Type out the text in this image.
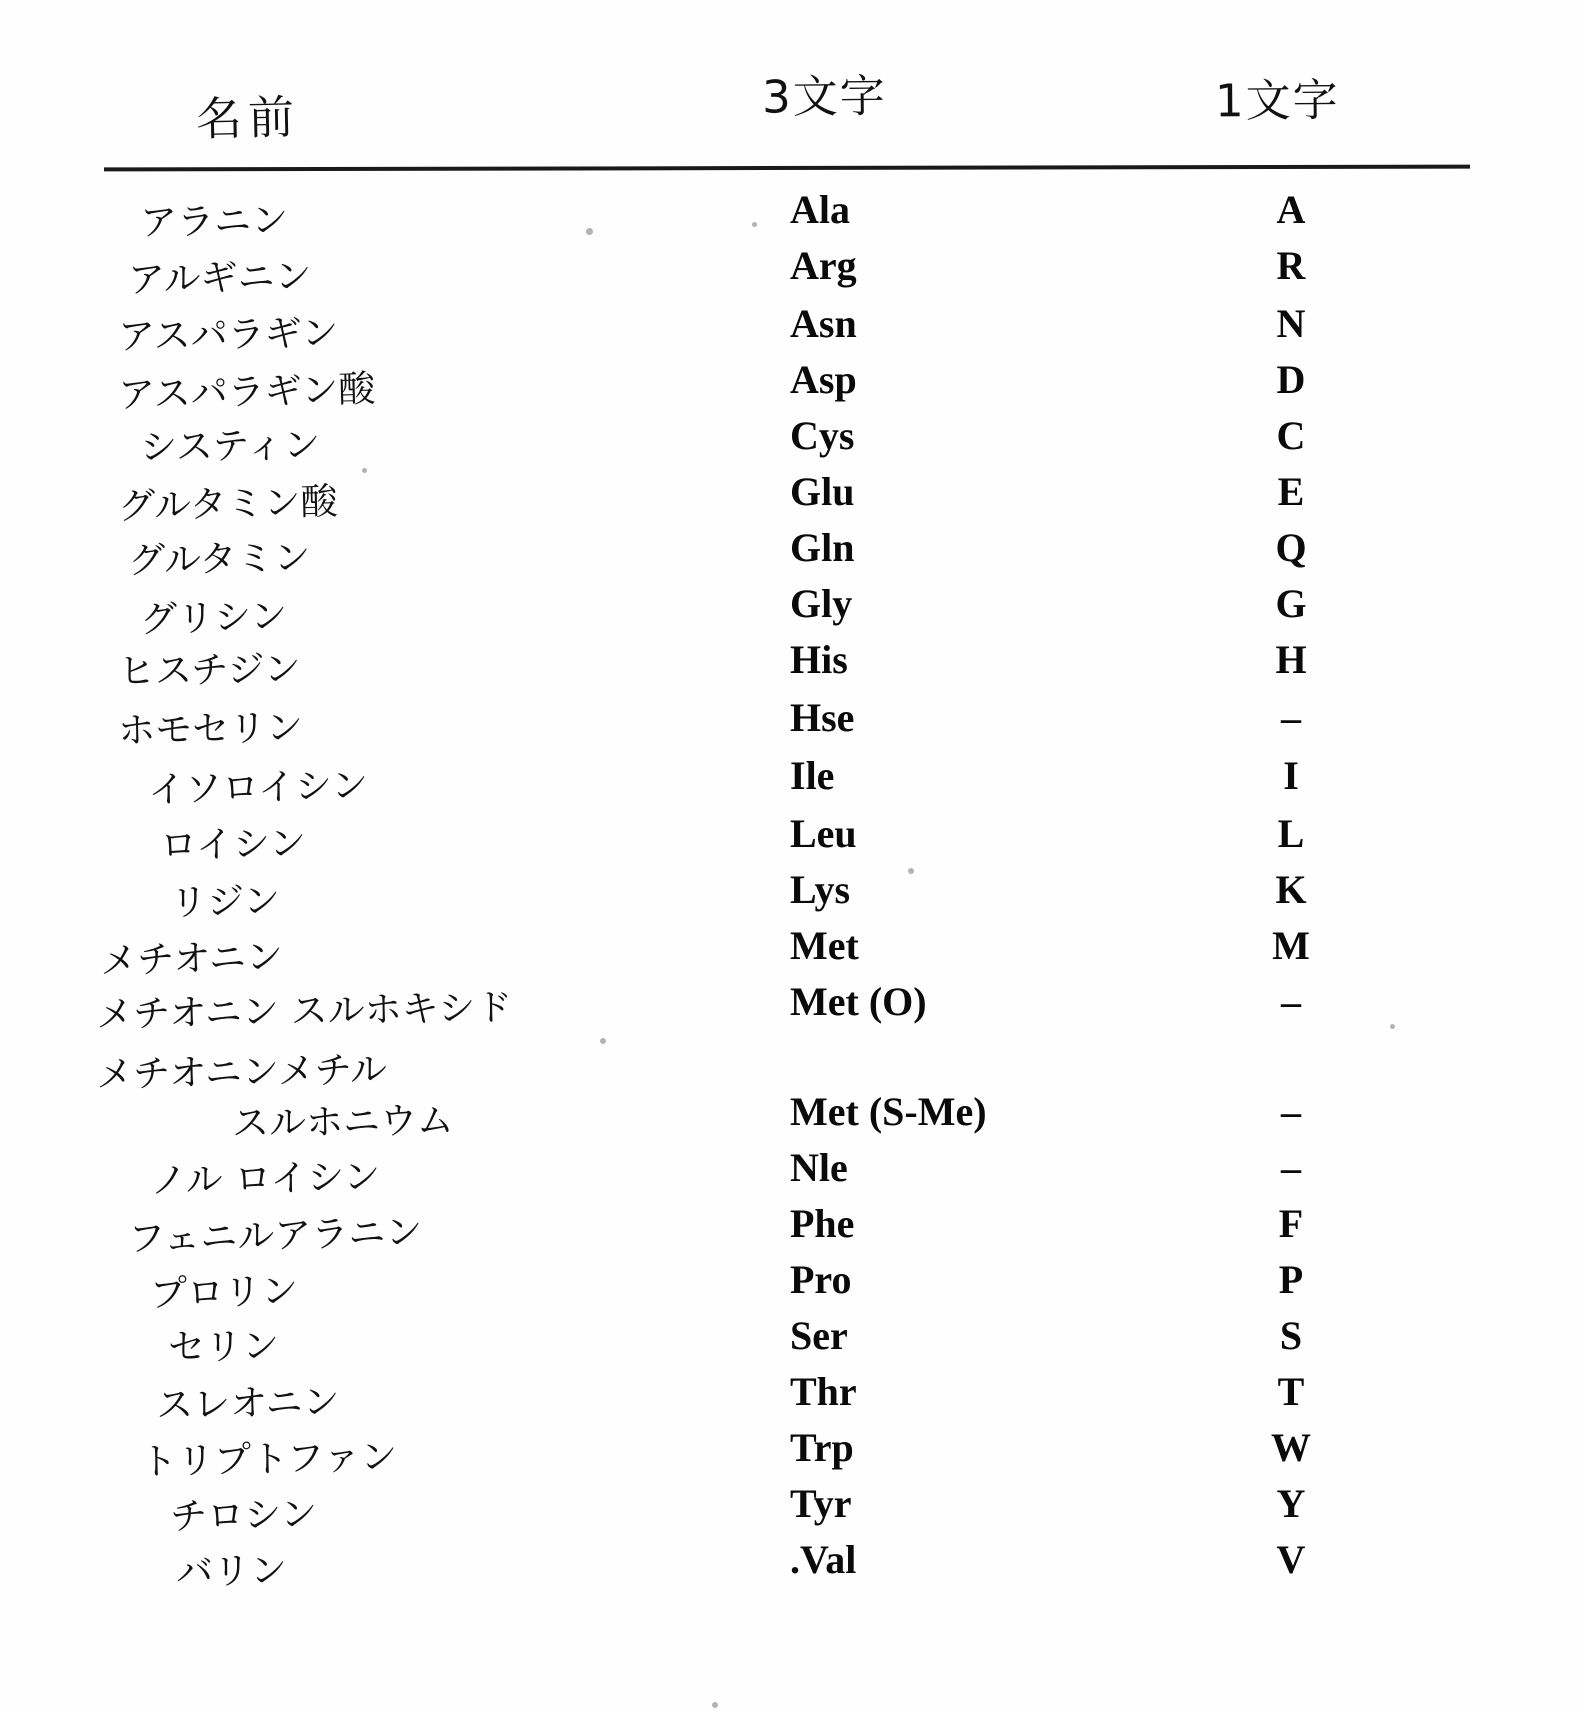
名前	3文字	1文字
アラニン	Ala	A
アルギニン	Arg	R
アスパラギン	Asn	N
アスパラギン酸	Asp	D
システィン	Cys	C
グルタミン酸	Glu	E
グルタミン	Gln	Q
グリシン	Gly	G
ヒスチジン	His	H
ホモセリン	Hse	–
イソロイシン	Ile	I
ロイシン	Leu	L
リジン	Lys	K
メチオニン	Met	M
メチオニン スルホキシド	Met (O)	–
メチオニンメチル
スルホニウム	Met (S-Me)	–
ノル ロイシン	Nle	–
フェニルアラニン	Phe	F
プロリン	Pro	P
セリン	Ser	S
スレオニン	Thr	T
トリプトファン	Trp	W
チロシン	Tyr	Y
バリン	.Val	V
